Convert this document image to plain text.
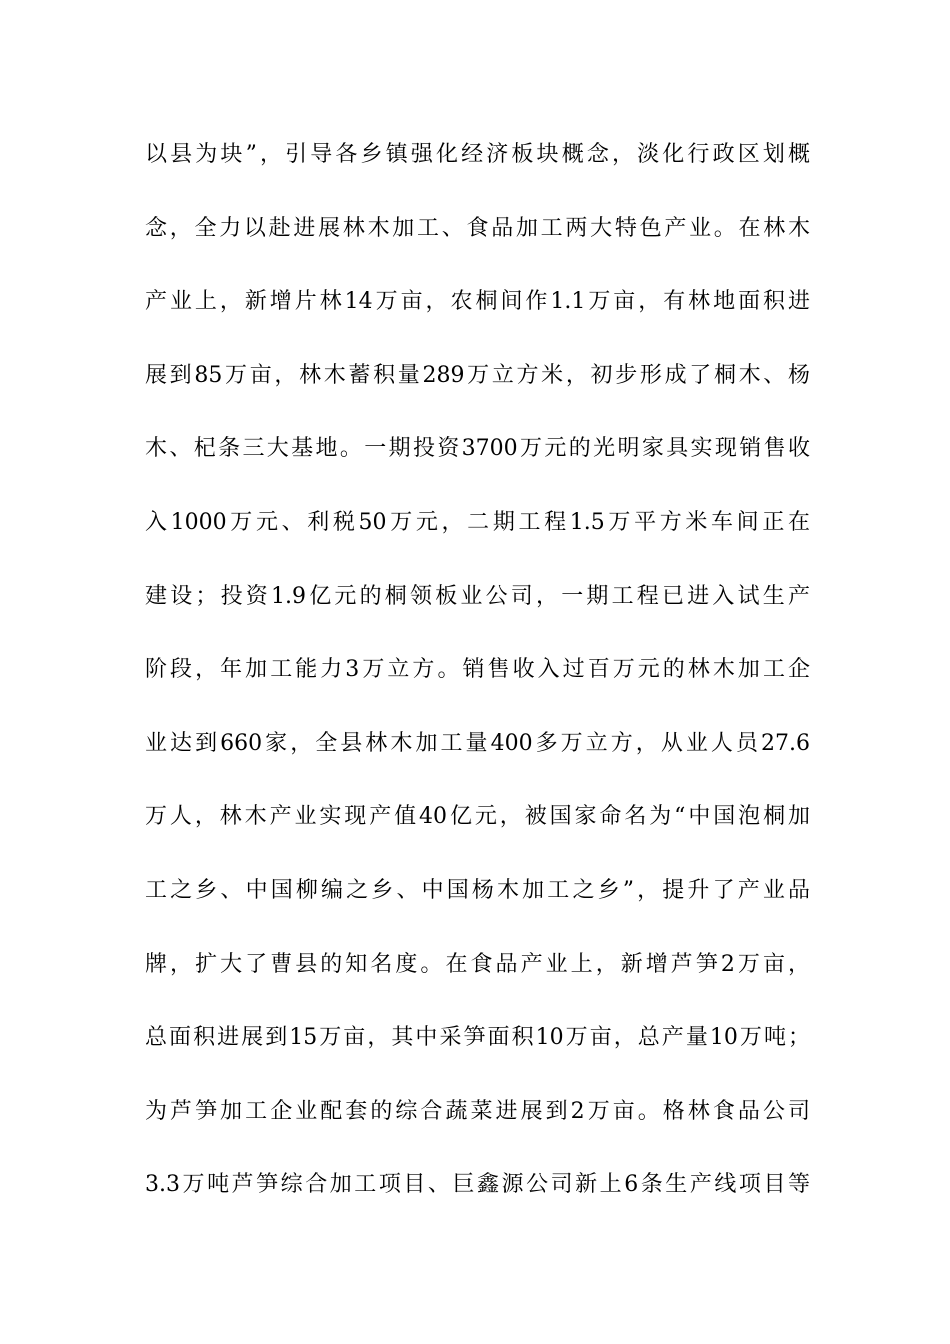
以县为块”，引导各乡镇强化经济板块概念，淡化行政区划概
念，全力以赴进展林木加工、食品加工两大特色产业。在林木
产业上，新增片林14万亩，农桐间作1.1万亩，有林地面积进
展到85万亩，林木蓄积量289万立方米，初步形成了桐木、杨
木、杞条三大基地。一期投资3700万元的光明家具实现销售收
入1000万元、利税50万元，二期工程1.5万平方米车间正在
建设；投资1.9亿元的桐领板业公司，一期工程已进入试生产
阶段，年加工能力3万立方。销售收入过百万元的林木加工企
业达到660家，全县林木加工量400多万立方，从业人员27.6
万人，林木产业实现产值40亿元，被国家命名为“中国泡桐加
工之乡、中国柳编之乡、中国杨木加工之乡”，提升了产业品
牌，扩大了曹县的知名度。在食品产业上，新增芦笋2万亩，
总面积进展到15万亩，其中采笋面积10万亩，总产量10万吨；
为芦笋加工企业配套的综合蔬菜进展到2万亩。格林食品公司
3.3万吨芦笋综合加工项目、巨鑫源公司新上6条生产线项目等
